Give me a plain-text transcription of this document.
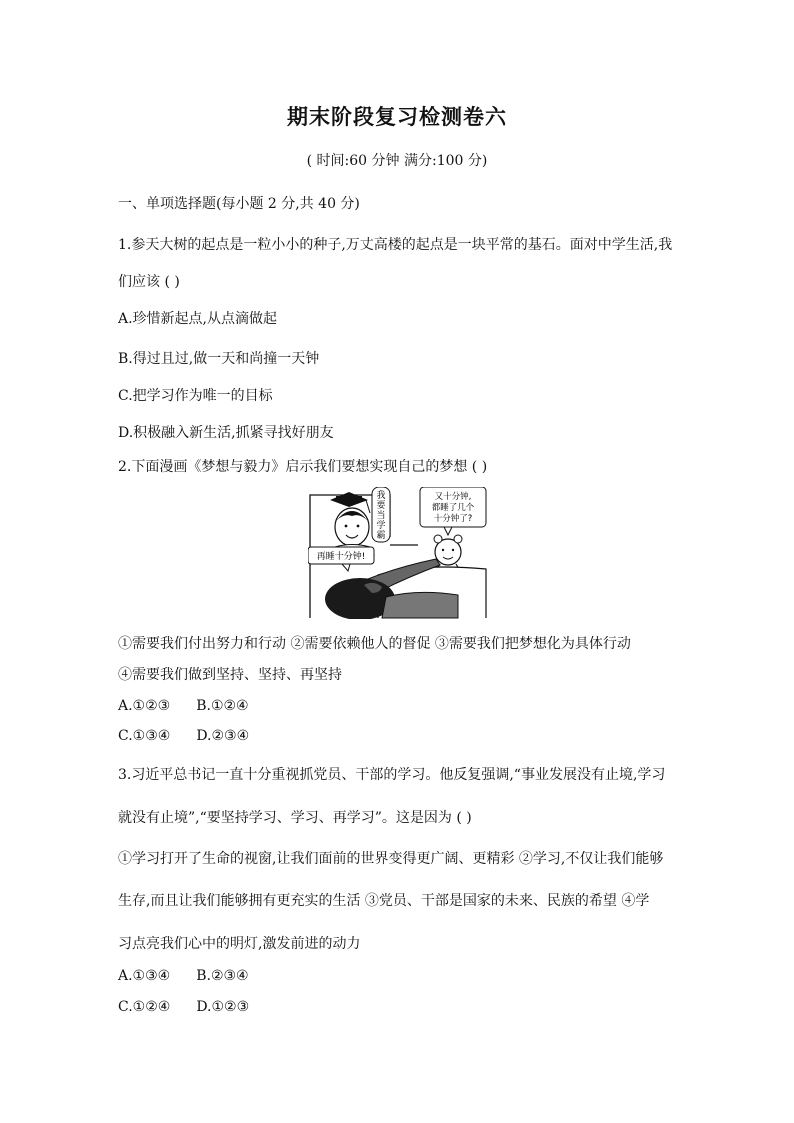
期末阶段复习检测卷六
( 时间:60 分钟 满分:100 分)
一、单项选择题(每小题 2 分,共 40 分)
1.参天大树的起点是一粒小小的种子,万丈高楼的起点是一块平常的基石。面对中学生活,我
们应该 ( )
A.珍惜新起点,从点滴做起
B.得过且过,做一天和尚撞一天钟
C.把学习作为唯一的目标
D.积极融入新生活,抓紧寻找好朋友
2.下面漫画《梦想与毅力》启示我们要想实现自己的梦想 ( )
我
要
当
学
霸
又十分钟,
都睡了几个
十分钟了?
再睡十分钟!
①需要我们付出努力和行动 ②需要依赖他人的督促 ③需要我们把梦想化为具体行动
④需要我们做到坚持、坚持、再坚持
A.①②③ B.①②④
C.①③④ D.②③④
3.习近平总书记一直十分重视抓党员、干部的学习。他反复强调,“事业发展没有止境,学习
就没有止境”,“要坚持学习、学习、再学习”。这是因为 ( )
①学习打开了生命的视窗,让我们面前的世界变得更广阔、更精彩 ②学习,不仅让我们能够
生存,而且让我们能够拥有更充实的生活 ③党员、干部是国家的未来、民族的希望 ④学
习点亮我们心中的明灯,激发前进的动力
A.①③④ B.②③④
C.①②④ D.①②③
